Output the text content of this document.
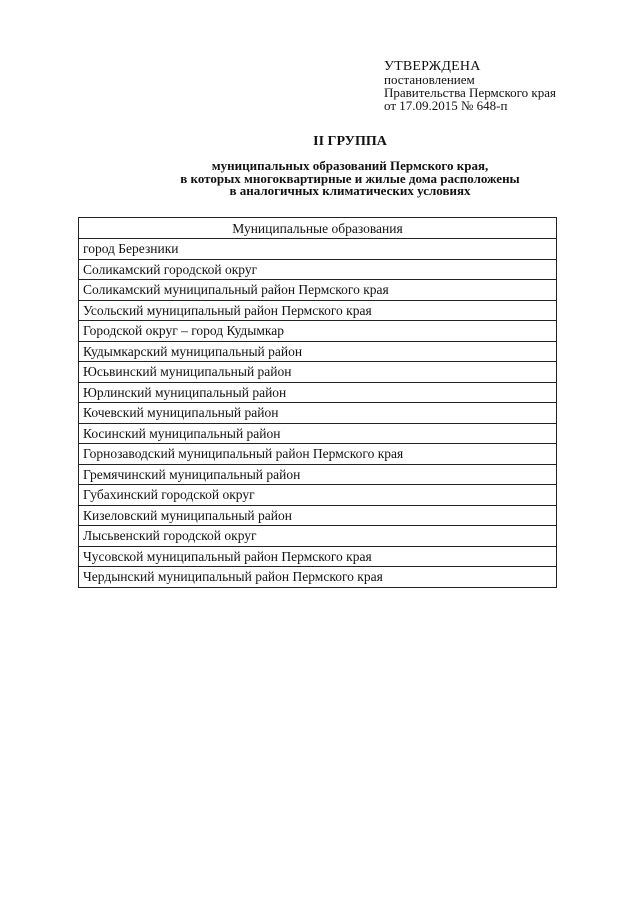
УТВЕРЖДЕНА
постановлением
Правительства Пермского края
от 17.09.2015 № 648-п
II ГРУППА
муниципальных образований Пермского края,
в которых многоквартирные и жилые дома расположены
в аналогичных климатических условиях
Муниципальные образования
город Березники
Соликамский городской округ
Соликамский муниципальный район Пермского края
Усольский муниципальный район Пермского края
Городской округ – город Кудымкар
Кудымкарский муниципальный район
Юсьвинский муниципальный район
Юрлинский муниципальный район
Кочевский муниципальный район
Косинский муниципальный район
Горнозаводский муниципальный район Пермского края
Гремячинский муниципальный район
Губахинский городской округ
Кизеловский муниципальный район
Лысьвенский городской округ
Чусовской муниципальный район Пермского края
Чердынский муниципальный район Пермского края
